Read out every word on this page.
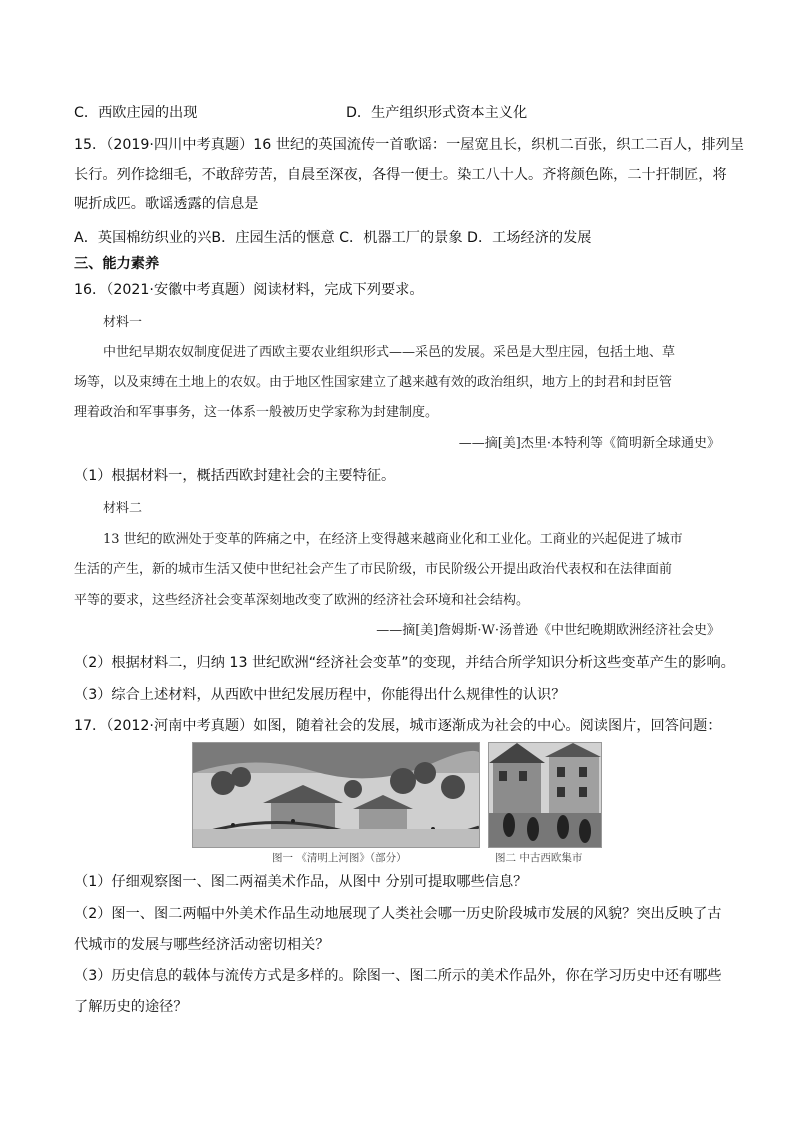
C．西欧庄园的出现	D．生产组织形式资本主义化
15．（2019·四川中考真题）16 世纪的英国流传一首歌谣：一屋宽且长，织机二百张，织工二百人，排列呈
长行。列作捻细毛，不敢辞劳苦，自晨至深夜，各得一便士。染工八十人。齐将颜色陈，二十扞制匠，将
呢折成匹。歌谣透露的信息是
A．英国棉纺织业的兴B．庄园生活的惬意 C．机器工厂的景象 D．工场经济的发展
三、能力素养
16．（2021·安徽中考真题）阅读材料，完成下列要求。
材料一
中世纪早期农奴制度促进了西欧主要农业组织形式——采邑的发展。采邑是大型庄园，包括土地、草
场等，以及束缚在土地上的农奴。由于地区性国家建立了越来越有效的政治组织，地方上的封君和封臣管
理着政治和军事事务，这一体系一般被历史学家称为封建制度。
——摘[美]杰里·本特利等《简明新全球通史》
（1）根据材料一，概括西欧封建社会的主要特征。
材料二
13 世纪的欧洲处于变革的阵痛之中，在经济上变得越来越商业化和工业化。工商业的兴起促进了城市
生活的产生，新的城市生活又使中世纪社会产生了市民阶级，市民阶级公开提出政治代表权和在法律面前
平等的要求，这些经济社会变革深刻地改变了欧洲的经济社会环境和社会结构。
——摘[美]詹姆斯·W·汤普逊《中世纪晚期欧洲经济社会史》
（2）根据材料二，归纳 13 世纪欧洲“经济社会变革”的变现，并结合所学知识分析这些变革产生的影响。
（3）综合上述材料，从西欧中世纪发展历程中，你能得出什么规律性的认识？
17．（2012·河南中考真题）如图，随着社会的发展，城市逐渐成为社会的中心。阅读图片，回答问题：
图一 《清明上河图》（部分）	图二 中古西欧集市
（1）仔细观察图一、图二两福美术作品，从图中 分别可提取哪些信息？
（2）图一、图二两幅中外美术作品生动地展现了人类社会哪一历史阶段城市发展的风貌？突出反映了古
代城市的发展与哪些经济活动密切相关？
（3）历史信息的载体与流传方式是多样的。除图一、图二所示的美术作品外，你在学习历史中还有哪些
了解历史的途径？
